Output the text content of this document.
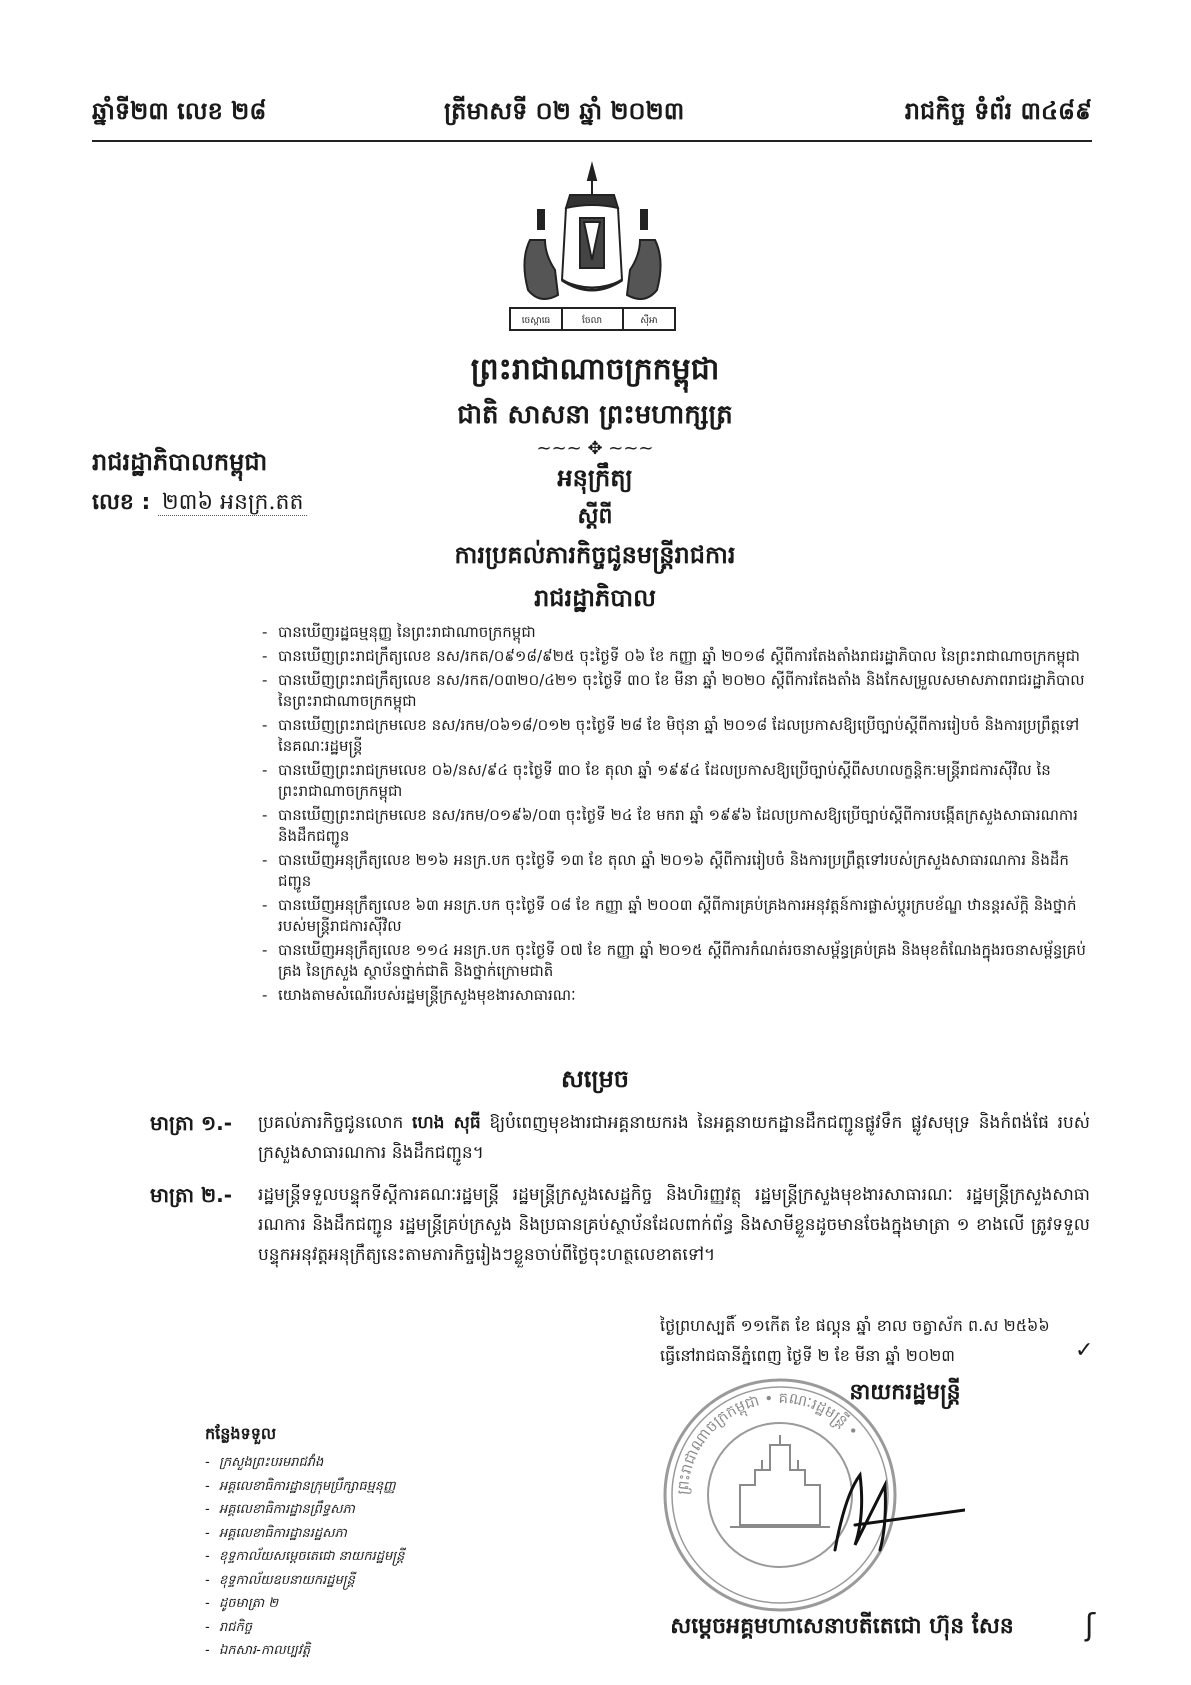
ឆ្នាំទី២៣ លេខ ២៨	ត្រីមាសទី ០២ ឆ្នាំ ២០២៣	រាជកិច្ច ទំព័រ ៣៤៨៩
ចេស្តាធេ	ចែលា	ស៊ីអា
ព្រះរាជាណាចក្រកម្ពុជា
ជាតិ សាសនា ព្រះមហាក្សត្រ
~~~ ✥ ~~~
រាជរដ្ឋាភិបាលកម្ពុជា
លេខ : ២៣៦ អនក្រ.តត
អនុក្រឹត្យ
ស្តីពី
ការប្រគល់ភារកិច្ចជូនមន្ត្រីរាជការ
រាជរដ្ឋាភិបាល
- បានឃើញរដ្ឋធម្មនុញ្ញ នៃព្រះរាជាណាចក្រកម្ពុជា
- បានឃើញព្រះរាជក្រឹត្យលេខ នស/រកត/០៩១៨/៩២៥ ចុះថ្ងៃទី ០៦ ខែ កញ្ញា ឆ្នាំ ២០១៨ ស្តីពីការតែងតាំងរាជរដ្ឋាភិបាល នៃព្រះរាជាណាចក្រកម្ពុជា
- បានឃើញព្រះរាជក្រឹត្យលេខ នស/រកត/០៣២០/៤២១ ចុះថ្ងៃទី ៣០ ខែ មីនា ឆ្នាំ ២០២០ ស្តីពីការតែងតាំង និងកែសម្រួលសមាសភាពរាជរដ្ឋាភិបាល នៃព្រះរាជាណាចក្រកម្ពុជា
- បានឃើញព្រះរាជក្រមលេខ នស/រកម/០៦១៨/០១២ ចុះថ្ងៃទី ២៨ ខែ មិថុនា ឆ្នាំ ២០១៨ ដែលប្រកាសឱ្យប្រើច្បាប់ស្តីពីការរៀបចំ និងការប្រព្រឹត្តទៅ នៃគណៈរដ្ឋមន្ត្រី
- បានឃើញព្រះរាជក្រមលេខ ០៦/នស/៩៤ ចុះថ្ងៃទី ៣០ ខែ តុលា ឆ្នាំ ១៩៩៤ ដែលប្រកាសឱ្យប្រើច្បាប់ស្តីពីសហលក្ខន្តិកៈមន្ត្រីរាជការស៊ីវិល នៃព្រះរាជាណាចក្រកម្ពុជា
- បានឃើញព្រះរាជក្រមលេខ នស/រកម/០១៩៦/០៣ ចុះថ្ងៃទី ២៤ ខែ មករា ឆ្នាំ ១៩៩៦ ដែលប្រកាសឱ្យប្រើច្បាប់ស្តីពីការបង្កើតក្រសួងសាធារណការ និងដឹកជញ្ជូន
- បានឃើញអនុក្រឹត្យលេខ ២១៦ អនក្រ.បក ចុះថ្ងៃទី ១៣ ខែ តុលា ឆ្នាំ ២០១៦ ស្តីពីការរៀបចំ និងការប្រព្រឹត្តទៅរបស់ក្រសួងសាធារណការ និងដឹកជញ្ជូន
- បានឃើញអនុក្រឹត្យលេខ ៦៣ អនក្រ.បក ចុះថ្ងៃទី ០៨ ខែ កញ្ញា ឆ្នាំ ២០០៣ ស្តីពីការគ្រប់គ្រងការអនុវត្តន៍ការផ្លាស់ប្តូរក្របខ័ណ្ឌ ឋានន្តរស័ក្តិ និងថ្នាក់របស់មន្ត្រីរាជការស៊ីវិល
- បានឃើញអនុក្រឹត្យលេខ ១១៤ អនក្រ.បក ចុះថ្ងៃទី ០៧ ខែ កញ្ញា ឆ្នាំ ២០១៥ ស្តីពីការកំណត់រចនាសម្ព័ន្ធគ្រប់គ្រង និងមុខតំណែងក្នុងរចនាសម្ព័ន្ធគ្រប់គ្រង នៃក្រសួង ស្ថាប័នថ្នាក់ជាតិ និងថ្នាក់ក្រោមជាតិ
- យោងតាមសំណើរបស់រដ្ឋមន្ត្រីក្រសួងមុខងារសាធារណៈ
សម្រេច
មាត្រា ១.- ប្រគល់ភារកិច្ចជូនលោក ហេង សុធី ឱ្យបំពេញមុខងារជាអគ្គនាយករង នៃអគ្គនាយកដ្ឋានដឹកជញ្ជូនផ្លូវទឹក ផ្លូវសមុទ្រ និងកំពង់ផែ របស់ក្រសួងសាធារណការ និងដឹកជញ្ជូន។
មាត្រា ២.- រដ្ឋមន្ត្រីទទួលបន្ទុកទីស្តីការគណៈរដ្ឋមន្ត្រី រដ្ឋមន្ត្រីក្រសួងសេដ្ឋកិច្ច និងហិរញ្ញវត្ថុ រដ្ឋមន្ត្រីក្រសួងមុខងារសាធារណៈ រដ្ឋមន្ត្រីក្រសួងសាធារណការ និងដឹកជញ្ជូន រដ្ឋមន្ត្រីគ្រប់ក្រសួង និងប្រធានគ្រប់ស្ថាប័នដែលពាក់ព័ន្ធ និងសាមីខ្លួនដូចមានចែងក្នុងមាត្រា ១ ខាងលើ ត្រូវទទួលបន្ទុកអនុវត្តអនុក្រឹត្យនេះតាមភារកិច្ចរៀងៗខ្លួនចាប់ពីថ្ងៃចុះហត្ថលេខាតទៅ។
ថ្ងៃព្រហស្បតិ៍ ១១កើត ខែ ផល្គុន ឆ្នាំ ខាល ចត្វាស័ក ព.ស ២៥៦៦
ធ្វើនៅរាជធានីភ្នំពេញ ថ្ងៃទី ២ ខែ មីនា ឆ្នាំ ២០២៣	✓
ព្រះរាជាណាចក្រកម្ពុជា • គណៈរដ្ឋមន្ត្រី •
នាយករដ្ឋមន្ត្រី
សម្តេចអគ្គមហាសេនាបតីតេជោ ហ៊ុន សែន
កន្លែងទទួល
- ក្រសួងព្រះបរមរាជវាំង
- អគ្គលេខាធិការដ្ឋានក្រុមប្រឹក្សាធម្មនុញ្ញ
- អគ្គលេខាធិការដ្ឋានព្រឹទ្ធសភា
- អគ្គលេខាធិការដ្ឋានរដ្ឋសភា
- ខុទ្ទកាល័យសម្តេចតេជោ នាយករដ្ឋមន្ត្រី
- ខុទ្ទកាល័យឧបនាយករដ្ឋមន្ត្រី
- ដូចមាត្រា ២
- រាជកិច្ច
- ឯកសារ-កាលប្បវត្តិ
ʃ
